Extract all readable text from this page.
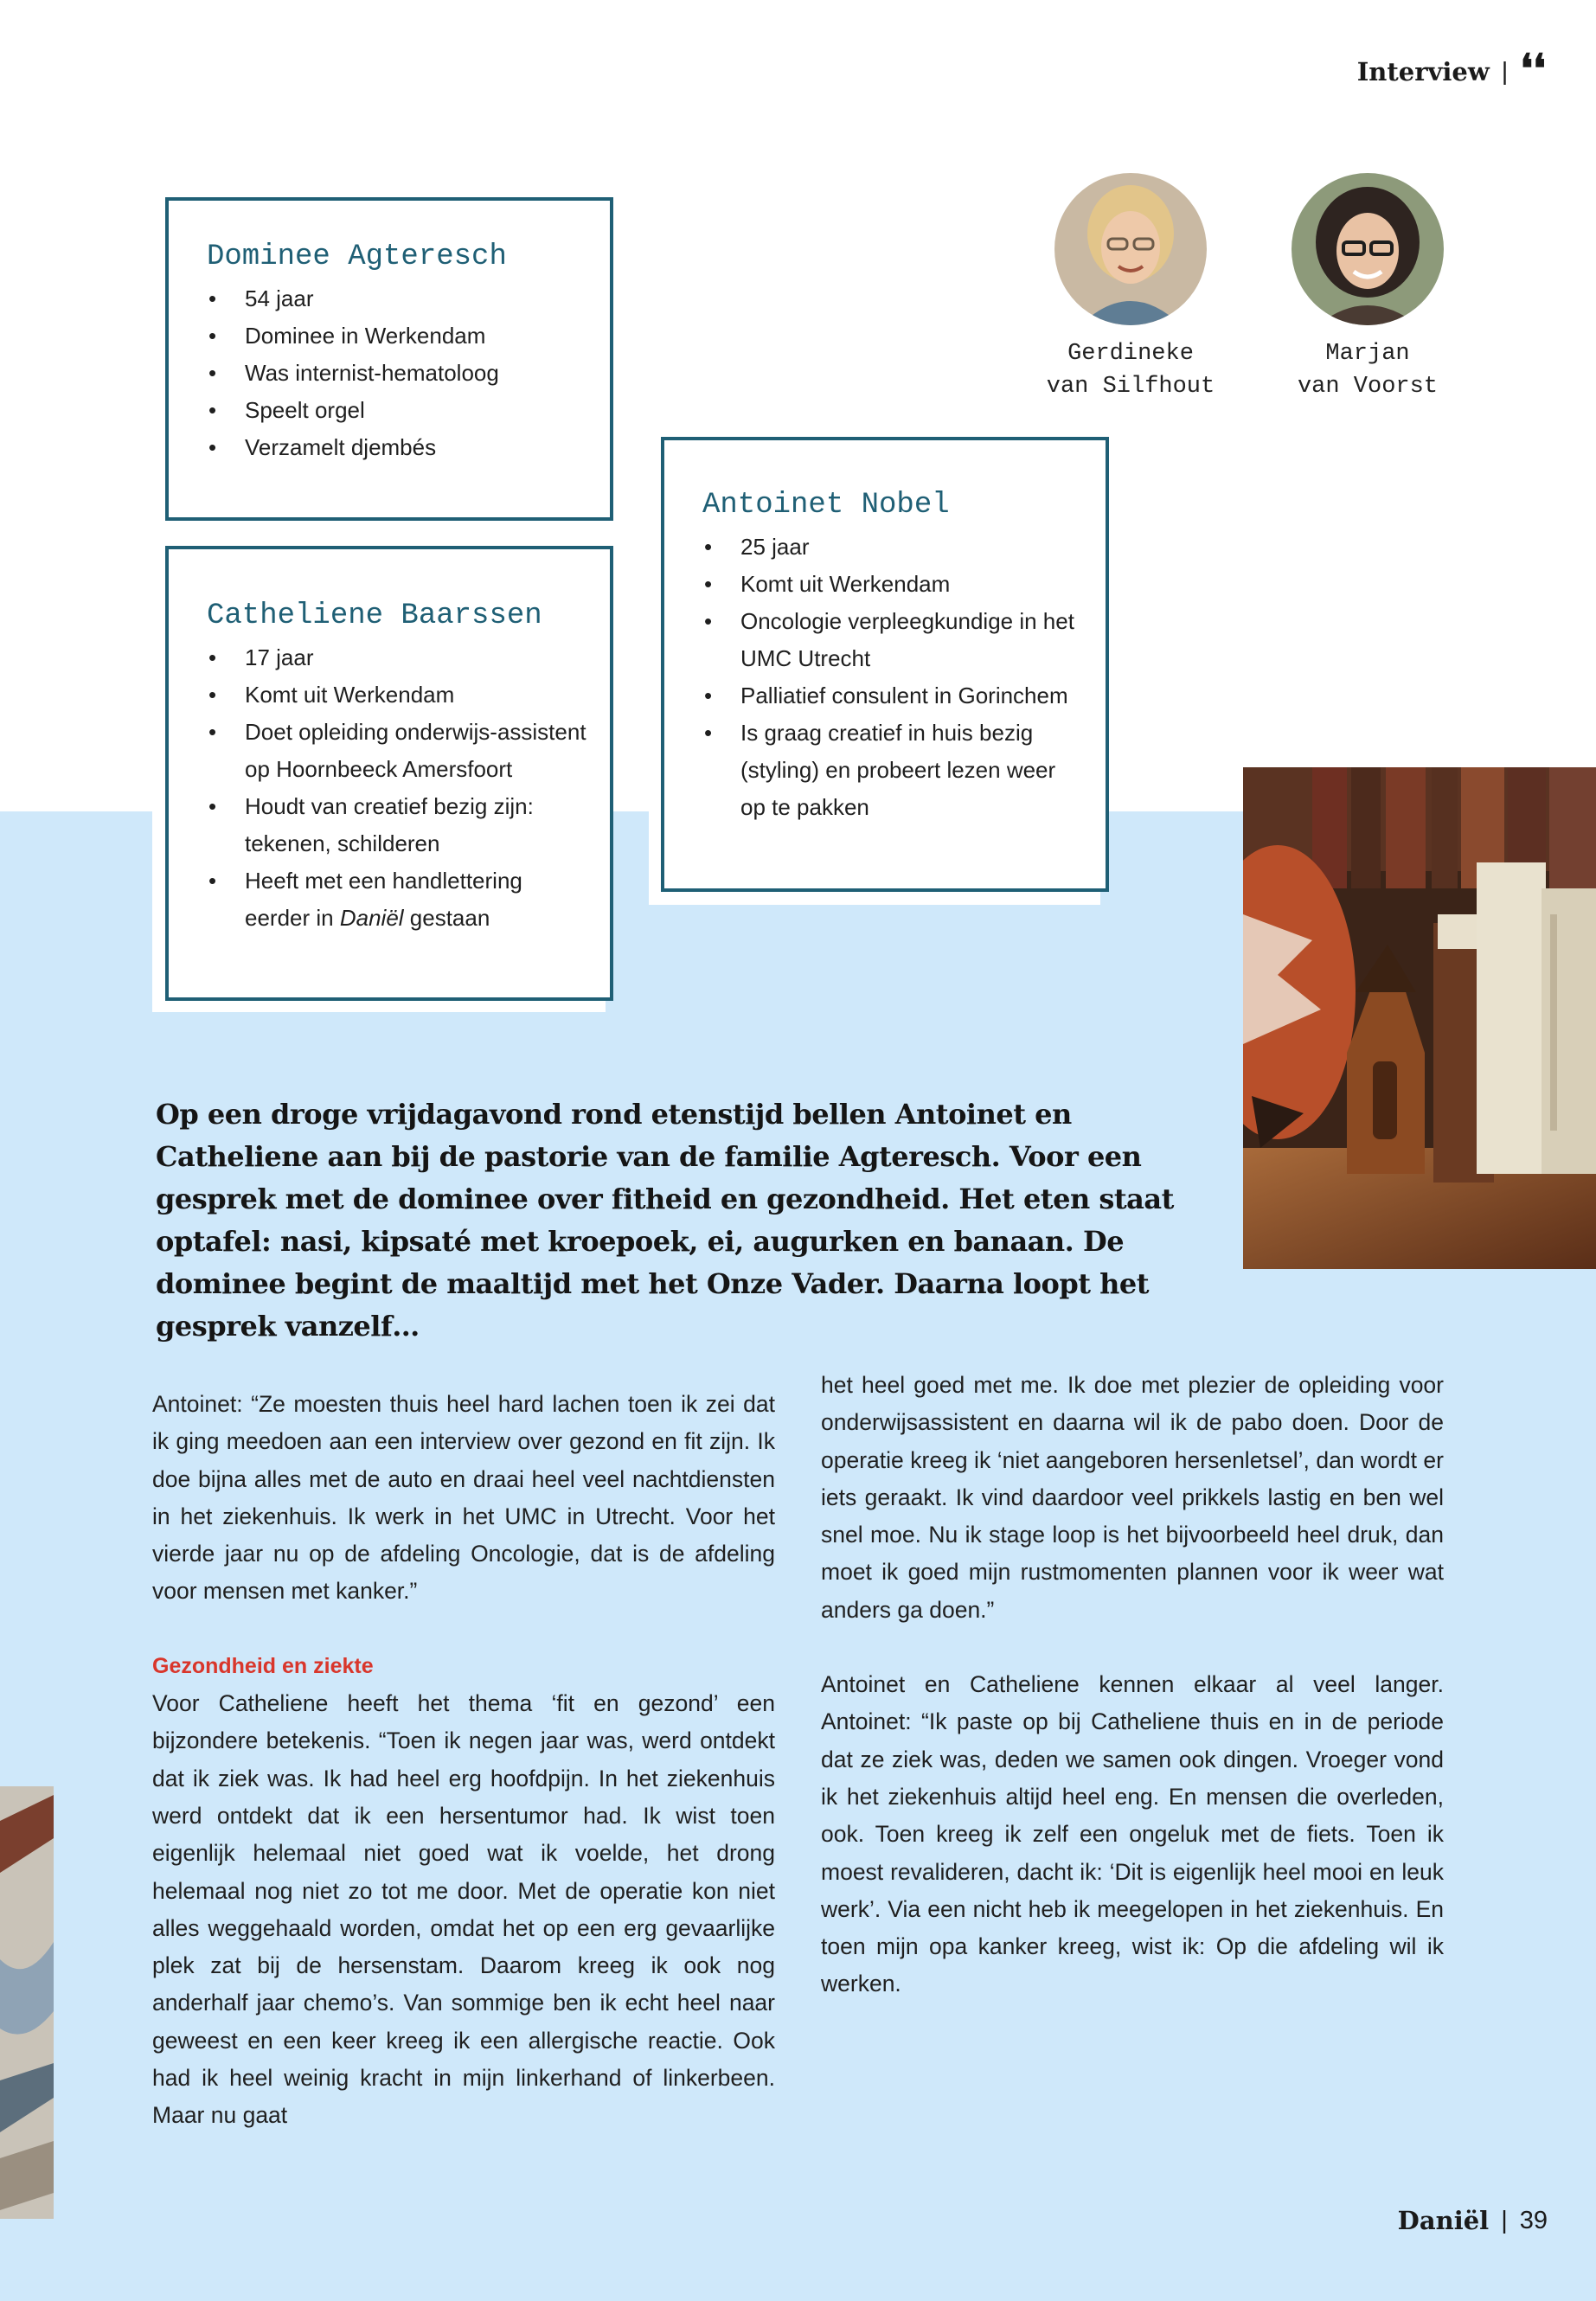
Interview | ❛❛
Dominee Agteresch
• 54 jaar
• Dominee in Werkendam
• Was internist-hematoloog
• Speelt orgel
• Verzamelt djembés
Catheliene Baarssen
• 17 jaar
• Komt uit Werkendam
• Doet opleiding onderwijs-assistent op Hoornbeeck Amersfoort
• Houdt van creatief bezig zijn: tekenen, schilderen
• Heeft met een handlettering eerder in Daniël gestaan
Antoinet Nobel
• 25 jaar
• Komt uit Werkendam
• Oncologie verpleegkundige in het UMC Utrecht
• Palliatief consulent in Gorinchem
• Is graag creatief in huis bezig (styling) en probeert lezen weer op te pakken
Gerdineke
van Silfhout
Marjan
van Voorst
Op een droge vrijdagavond rond etenstijd bellen Antoinet en Catheliene aan bij de pastorie van de familie Agteresch. Voor een gesprek met de dominee over fitheid en gezondheid. Het eten staat optafel: nasi, kipsaté met kroepoek, ei, augurken en banaan. De dominee begint de maaltijd met het Onze Vader. Daarna loopt het gesprek vanzelf…

Antoinet: “Ze moesten thuis heel hard lachen toen ik zei dat ik ging meedoen aan een interview over gezond en fit zijn. Ik doe bijna alles met de auto en draai heel veel nachtdiensten in het ziekenhuis. Ik werk in het UMC in Utrecht. Voor het vierde jaar nu op de afdeling Oncologie, dat is de afdeling voor mensen met kanker.”

Gezondheid en ziekte

Voor Catheliene heeft het thema ‘fit en gezond’ een bijzondere betekenis. “Toen ik negen jaar was, werd ontdekt dat ik ziek was. Ik had heel erg hoofdpijn. In het ziekenhuis werd ontdekt dat ik een hersentumor had. Ik wist toen eigenlijk helemaal niet goed wat ik voelde, het drong helemaal nog niet zo tot me door. Met de operatie kon niet alles weggehaald worden, omdat het op een erg gevaarlijke plek zat bij de hersenstam. Daarom kreeg ik ook nog anderhalf jaar chemo’s. Van sommige ben ik echt heel naar geweest en een keer kreeg ik een allergische reactie. Ook had ik heel weinig kracht in mijn linkerhand of linkerbeen. Maar nu gaat

het heel goed met me. Ik doe met plezier de opleiding voor onderwijsassistent en daarna wil ik de pabo doen. Door de operatie kreeg ik ‘niet aangeboren hersenletsel’, dan wordt er iets geraakt. Ik vind daardoor veel prikkels lastig en ben wel snel moe. Nu ik stage loop is het bijvoorbeeld heel druk, dan moet ik goed mijn rustmomenten plannen voor ik weer wat anders ga doen.”

Antoinet en Catheliene kennen elkaar al veel langer. Antoinet: “Ik paste op bij Catheliene thuis en in de periode dat ze ziek was, deden we samen ook dingen. Vroeger vond ik het ziekenhuis altijd heel eng. En mensen die overleden, ook. Toen kreeg ik zelf een ongeluk met de fiets. Toen ik moest revalideren, dacht ik: ‘Dit is eigenlijk heel mooi en leuk werk’. Via een nicht heb ik meegelopen in het ziekenhuis. En toen mijn opa kanker kreeg, wist ik: Op die afdeling wil ik werken.

Daniël | 39
